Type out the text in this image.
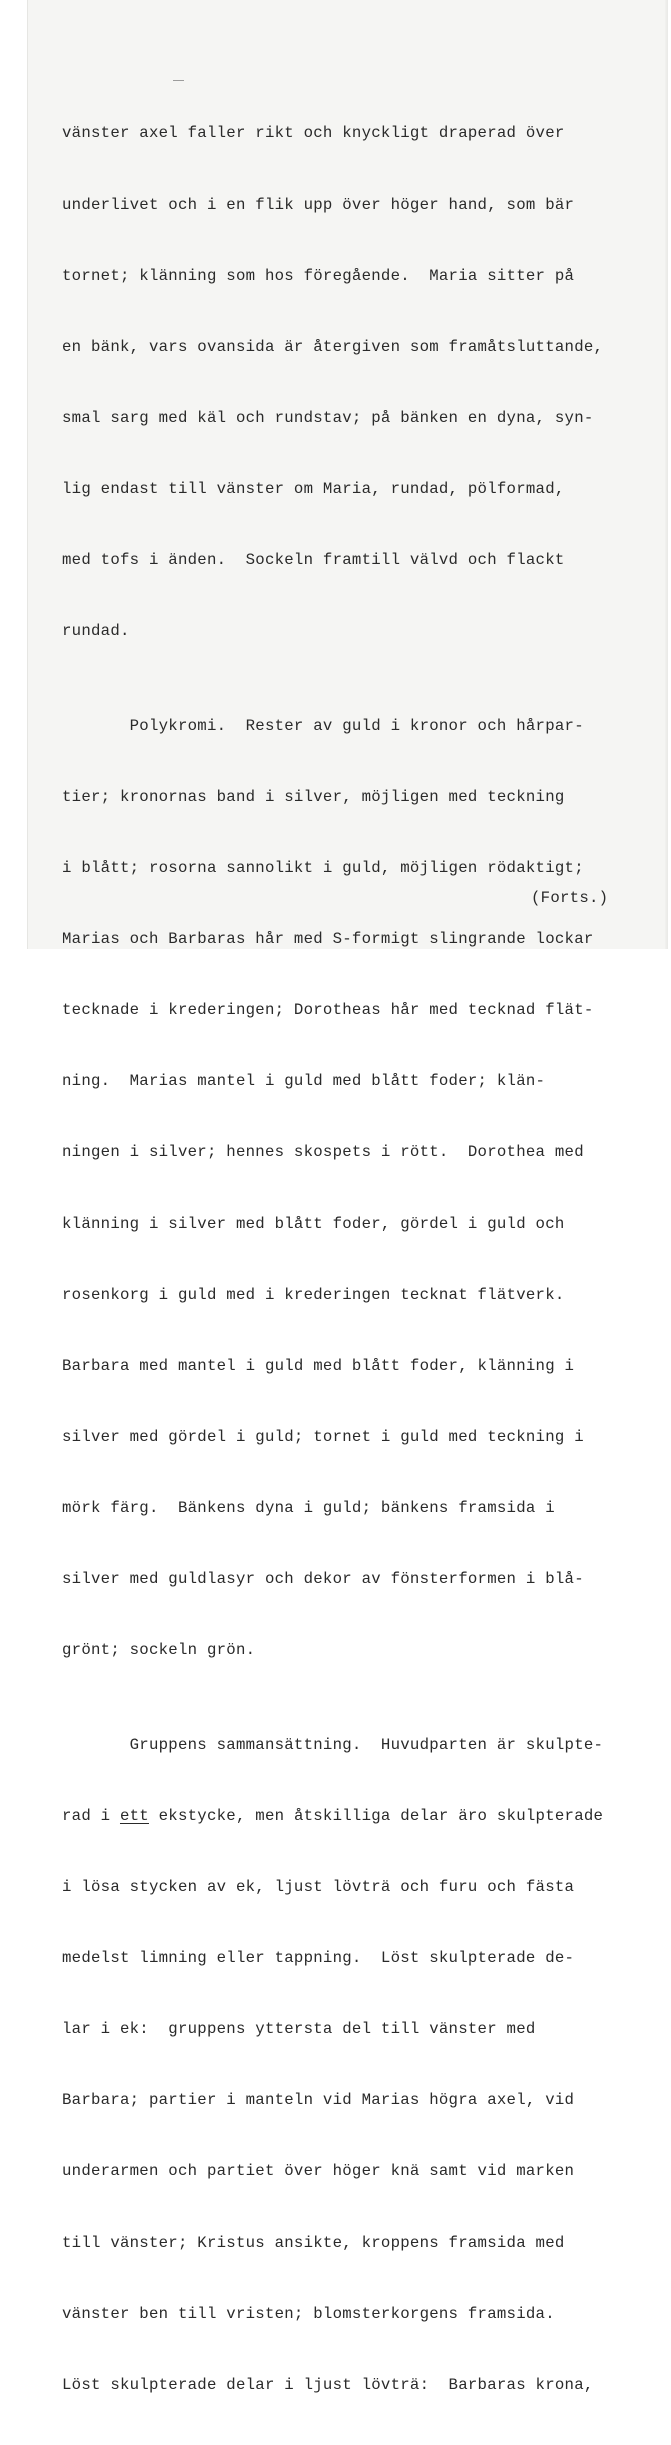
vänster axel faller rikt och knyckligt draperad över

underlivet och i en flik upp över höger hand, som bär

tornet; klänning som hos föregående.  Maria sitter på

en bänk, vars ovansida är återgiven som framåtsluttande,

smal sarg med käl och rundstav; på bänken en dyna, syn-

lig endast till vänster om Maria, rundad, pölformad,

med tofs i änden.  Sockeln framtill välvd och flackt

rundad.

Polykromi.  Rester av guld i kronor och hårpar-

tier; kronornas band i silver, möjligen med teckning

i blått; rosorna sannolikt i guld, möjligen rödaktigt;

Marias och Barbaras hår med S-formigt slingrande lockar

tecknade i krederingen; Dorotheas hår med tecknad flät-

ning.  Marias mantel i guld med blått foder; klän-

ningen i silver; hennes skospets i rött.  Dorothea med

klänning i silver med blått foder, gördel i guld och

rosenkorg i guld med i krederingen tecknat flätverk.

Barbara med mantel i guld med blått foder, klänning i

silver med gördel i guld; tornet i guld med teckning i

mörk färg.  Bänkens dyna i guld; bänkens framsida i

silver med guldlasyr och dekor av fönsterformen i blå-

grönt; sockeln grön.

Gruppens sammansättning.  Huvudparten är skulpte-

rad i ett ekstycke, men åtskilliga delar äro skulpterade

i lösa stycken av ek, ljust lövträ och furu och fästa

medelst limning eller tappning.  Löst skulpterade de-

lar i ek:  gruppens yttersta del till vänster med

Barbara; partier i manteln vid Marias högra axel, vid

underarmen och partiet över höger knä samt vid marken

till vänster; Kristus ansikte, kroppens framsida med

vänster ben till vristen; blomsterkorgens framsida.

Löst skulpterade delar i ljust lövträ:  Barbaras krona,

(Forts.)
